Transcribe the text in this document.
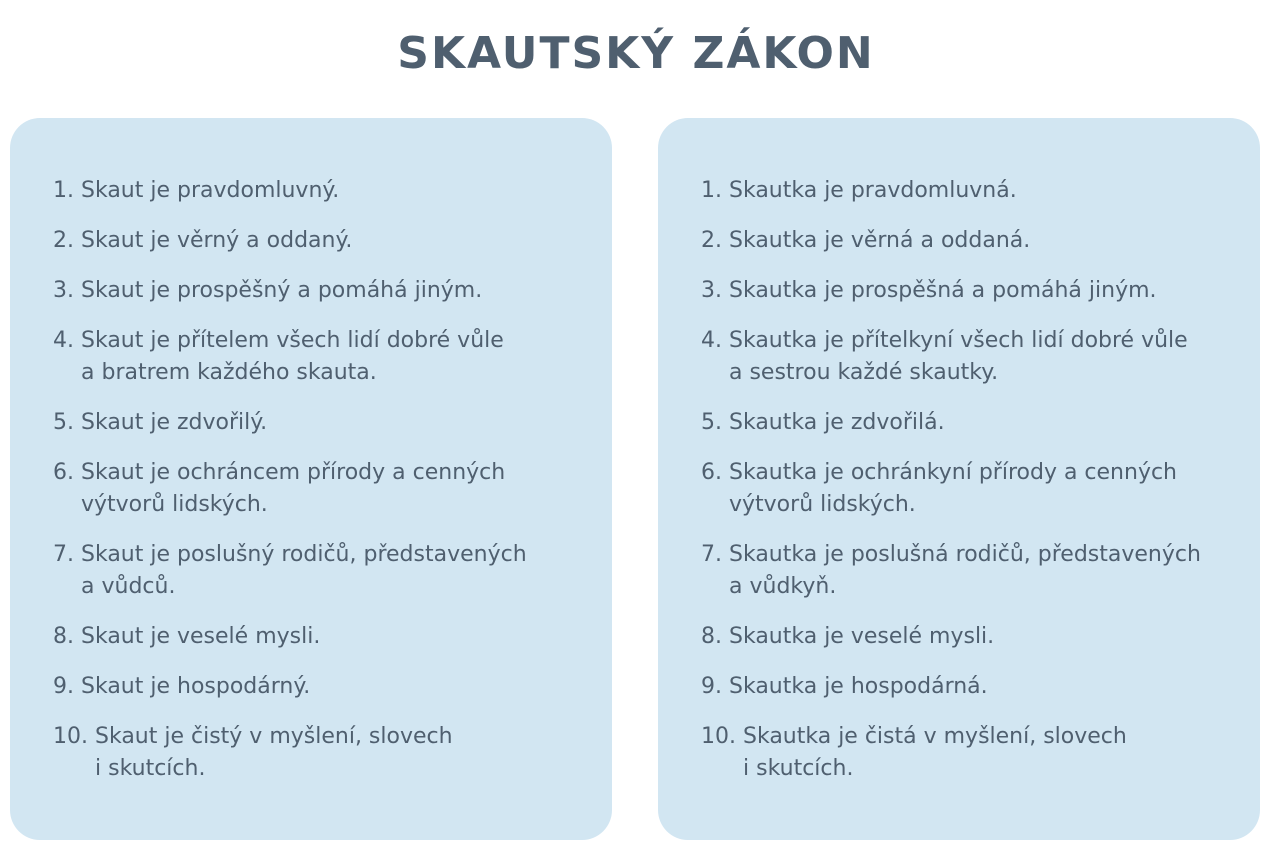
SKAUTSKÝ ZÁKON
1. Skaut je pravdomluvný.
2. Skaut je věrný a oddaný.
3. Skaut je prospěšný a pomáhá jiným.
4. Skaut je přítelem všech lidí dobré vůle
a bratrem každého skauta.
5. Skaut je zdvořilý.
6. Skaut je ochráncem přírody a cenných
výtvorů lidských.
7. Skaut je poslušný rodičů, představených
a vůdců.
8. Skaut je veselé mysli.
9. Skaut je hospodárný.
10. Skaut je čistý v myšlení, slovech
i skutcích.
1. Skautka je pravdomluvná.
2. Skautka je věrná a oddaná.
3. Skautka je prospěšná a pomáhá jiným.
4. Skautka je přítelkyní všech lidí dobré vůle
a sestrou každé skautky.
5. Skautka je zdvořilá.
6. Skautka je ochránkyní přírody a cenných
výtvorů lidských.
7. Skautka je poslušná rodičů, představených
a vůdkyň.
8. Skautka je veselé mysli.
9. Skautka je hospodárná.
10. Skautka je čistá v myšlení, slovech
i skutcích.
